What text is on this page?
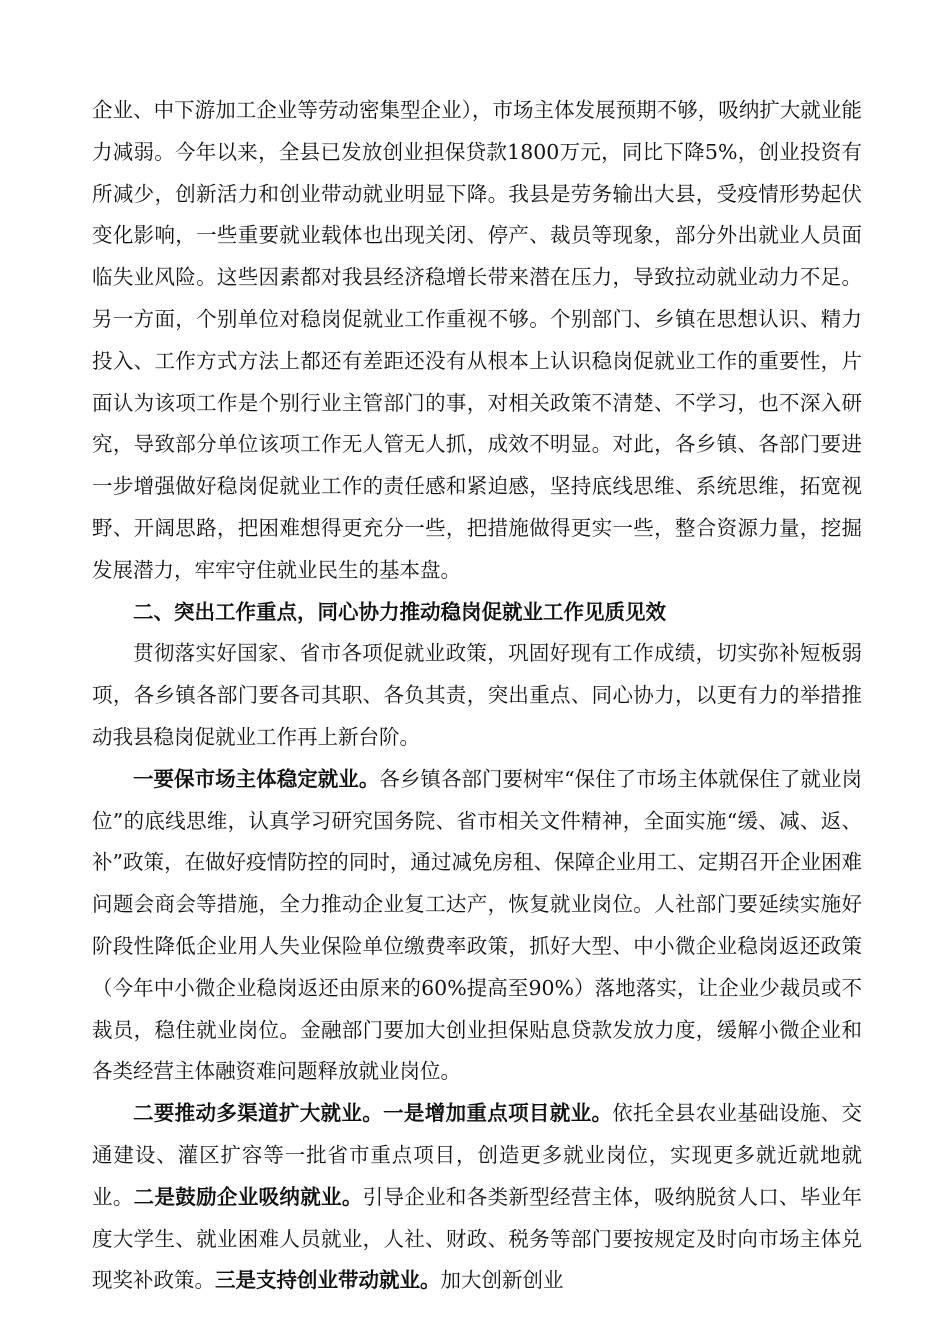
企业、中下游加工企业等劳动密集型企业），市场主体发展预期不够，吸纳扩大就业能力减弱。今年以来，全县已发放创业担保贷款1800万元，同比下降5%，创业投资有所减少，创新活力和创业带动就业明显下降。我县是劳务输出大县，受疫情形势起伏变化影响，一些重要就业载体也出现关闭、停产、裁员等现象，部分外出就业人员面临失业风险。这些因素都对我县经济稳增长带来潜在压力，导致拉动就业动力不足。另一方面，个别单位对稳岗促就业工作重视不够。个别部门、乡镇在思想认识、精力投入、工作方式方法上都还有差距还没有从根本上认识稳岗促就业工作的重要性，片面认为该项工作是个别行业主管部门的事，对相关政策不清楚、不学习，也不深入研究，导致部分单位该项工作无人管无人抓，成效不明显。对此，各乡镇、各部门要进一步增强做好稳岗促就业工作的责任感和紧迫感，坚持底线思维、系统思维，拓宽视野、开阔思路，把困难想得更充分一些，把措施做得更实一些，整合资源力量，挖掘发展潜力，牢牢守住就业民生的基本盘。

二、突出工作重点，同心协力推动稳岗促就业工作见质见效

贯彻落实好国家、省市各项促就业政策，巩固好现有工作成绩，切实弥补短板弱项，各乡镇各部门要各司其职、各负其责，突出重点、同心协力，以更有力的举措推动我县稳岗促就业工作再上新台阶。

一要保市场主体稳定就业。各乡镇各部门要树牢“保住了市场主体就保住了就业岗位”的底线思维，认真学习研究国务院、省市相关文件精神，全面实施“缓、减、返、补”政策，在做好疫情防控的同时，通过减免房租、保障企业用工、定期召开企业困难问题会商会等措施，全力推动企业复工达产，恢复就业岗位。人社部门要延续实施好阶段性降低企业用人失业保险单位缴费率政策，抓好大型、中小微企业稳岗返还政策（今年中小微企业稳岗返还由原来的60%提高至90%）落地落实，让企业少裁员或不裁员，稳住就业岗位。金融部门要加大创业担保贴息贷款发放力度，缓解小微企业和各类经营主体融资难问题释放就业岗位。

二要推动多渠道扩大就业。一是增加重点项目就业。依托全县农业基础设施、交通建设、灌区扩容等一批省市重点项目，创造更多就业岗位，实现更多就近就地就业。二是鼓励企业吸纳就业。引导企业和各类新型经营主体，吸纳脱贫人口、毕业年度大学生、就业困难人员就业，人社、财政、税务等部门要按规定及时向市场主体兑现奖补政策。三是支持创业带动就业。加大创新创业
